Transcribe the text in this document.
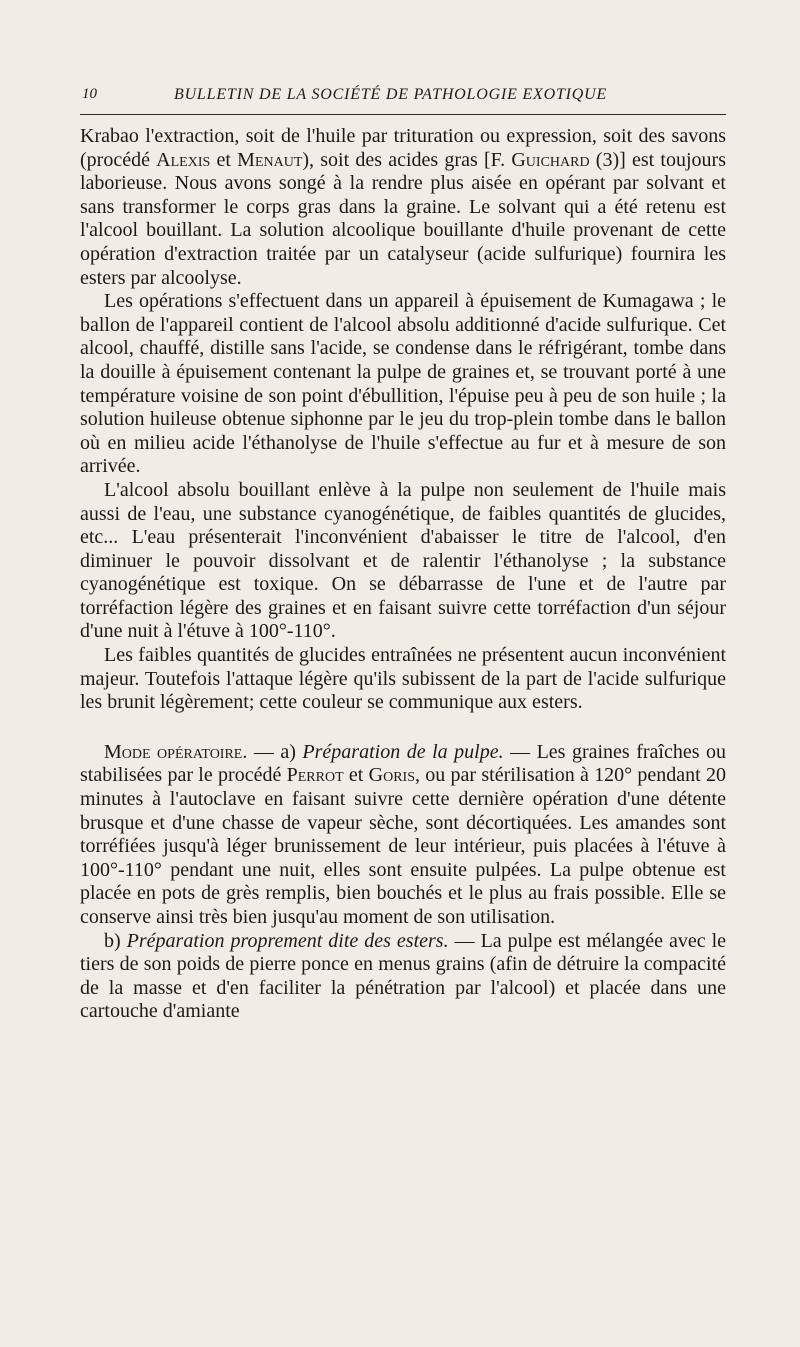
10	BULLETIN DE LA SOCIÉTÉ DE PATHOLOGIE EXOTIQUE

Krabao l'extraction, soit de l'huile par trituration ou expression, soit des savons (procédé Alexis et Menaut), soit des acides gras [F. Guichard (3)] est toujours laborieuse. Nous avons songé à la rendre plus aisée en opérant par solvant et sans transformer le corps gras dans la graine. Le solvant qui a été retenu est l'alcool bouillant. La solution alcoolique bouillante d'huile provenant de cette opération d'extraction traitée par un catalyseur (acide sulfurique) fournira les esters par alcoolyse.

Les opérations s'effectuent dans un appareil à épuisement de Kumagawa ; le ballon de l'appareil contient de l'alcool absolu additionné d'acide sulfurique. Cet alcool, chauffé, distille sans l'acide, se condense dans le réfrigérant, tombe dans la douille à épuisement contenant la pulpe de graines et, se trouvant porté à une température voisine de son point d'ébullition, l'épuise peu à peu de son huile ; la solution huileuse obtenue siphonne par le jeu du trop-plein tombe dans le ballon où en milieu acide l'éthanolyse de l'huile s'effectue au fur et à mesure de son arrivée.

L'alcool absolu bouillant enlève à la pulpe non seulement de l'huile mais aussi de l'eau, une substance cyanogénétique, de faibles quantités de glucides, etc... L'eau présenterait l'inconvénient d'abaisser le titre de l'alcool, d'en diminuer le pouvoir dissolvant et de ralentir l'éthanolyse ; la substance cyanogénétique est toxique. On se débarrasse de l'une et de l'autre par torréfaction légère des graines et en faisant suivre cette torréfaction d'un séjour d'une nuit à l'étuve à 100°-110°.

Les faibles quantités de glucides entraînées ne présentent aucun inconvénient majeur. Toutefois l'attaque légère qu'ils subissent de la part de l'acide sulfurique les brunit légèrement; cette couleur se communique aux esters.

Mode opératoire. — a) Préparation de la pulpe. — Les graines fraîches ou stabilisées par le procédé Perrot et Goris, ou par stérilisation à 120° pendant 20 minutes à l'autoclave en faisant suivre cette dernière opération d'une détente brusque et d'une chasse de vapeur sèche, sont décortiquées. Les amandes sont torréfiées jusqu'à léger brunissement de leur intérieur, puis placées à l'étuve à 100°-110° pendant une nuit, elles sont ensuite pulpées. La pulpe obtenue est placée en pots de grès remplis, bien bouchés et le plus au frais possible. Elle se conserve ainsi très bien jusqu'au moment de son utilisation.

b) Préparation proprement dite des esters. — La pulpe est mélangée avec le tiers de son poids de pierre ponce en menus grains (afin de détruire la compacité de la masse et d'en faciliter la pénétration par l'alcool) et placée dans une cartouche d'amiante
